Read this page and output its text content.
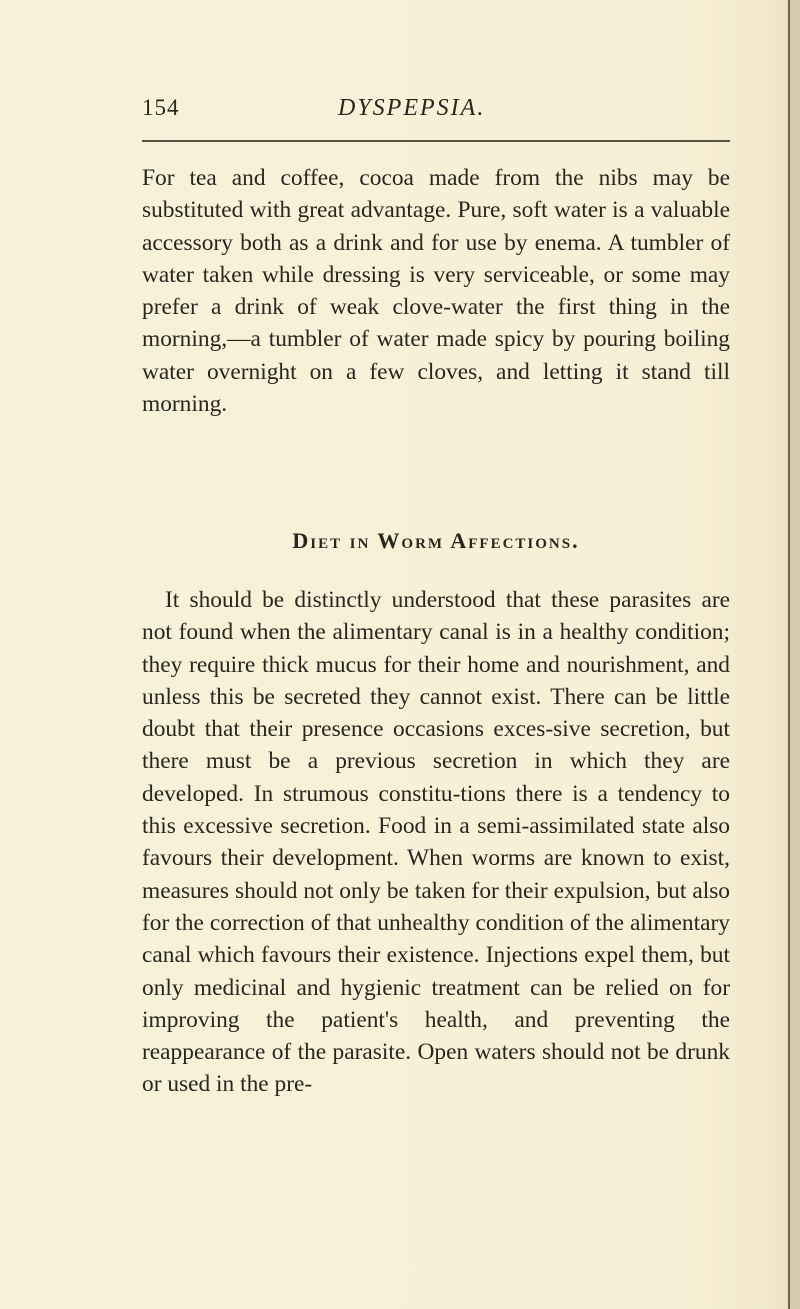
154	DYSPEPSIA.

For tea and coffee, cocoa made from the nibs may be substituted with great advantage. Pure, soft water is a valuable accessory both as a drink and for use by enema. A tumbler of water taken while dressing is very serviceable, or some may prefer a drink of weak clove-water the first thing in the morning,—a tumbler of water made spicy by pouring boiling water overnight on a few cloves, and letting it stand till morning.

Diet in Worm Affections.

It should be distinctly understood that these parasites are not found when the alimentary canal is in a healthy condition; they require thick mucus for their home and nourishment, and unless this be secreted they cannot exist. There can be little doubt that their presence occasions exces-sive secretion, but there must be a previous secretion in which they are developed. In strumous constitu-tions there is a tendency to this excessive secretion. Food in a semi-assimilated state also favours their development. When worms are known to exist, measures should not only be taken for their expulsion, but also for the correction of that unhealthy condition of the alimentary canal which favours their existence. Injections expel them, but only medicinal and hygienic treatment can be relied on for improving the patient's health, and preventing the reappearance of the parasite. Open waters should not be drunk or used in the pre-
